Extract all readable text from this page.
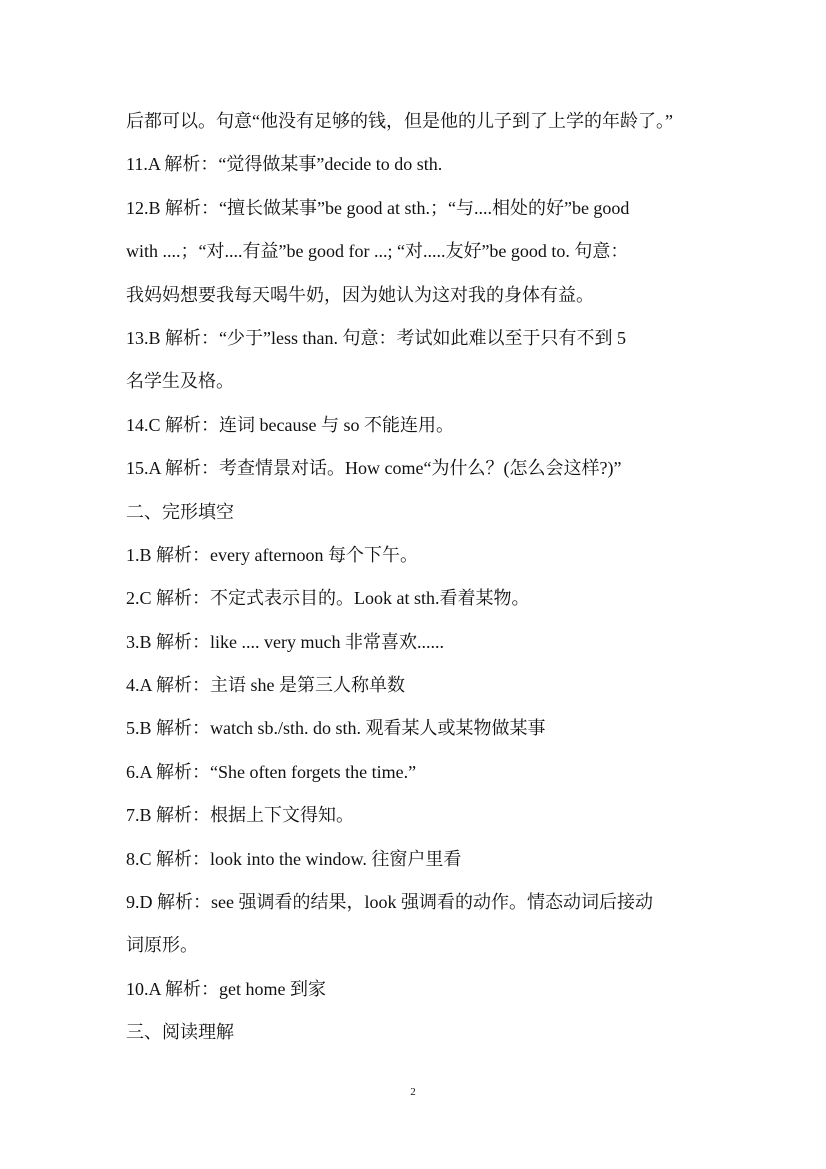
后都可以。句意“他没有足够的钱，但是他的儿子到了上学的年龄了。”
11.A 解析：“觉得做某事”decide to do sth.
12.B 解析：“擅长做某事”be good at sth.；“与....相处的好”be good
with ....；“对....有益”be good for ...; “对.....友好”be good to. 句意：
我妈妈想要我每天喝牛奶，因为她认为这对我的身体有益。
13.B 解析：“少于”less than. 句意：考试如此难以至于只有不到 5
名学生及格。
14.C 解析：连词 because 与 so 不能连用。
15.A 解析：考查情景对话。How come“为什么？(怎么会这样?)”
二、完形填空
1.B 解析：every afternoon 每个下午。
2.C 解析：不定式表示目的。Look at sth.看着某物。
3.B 解析：like .... very much 非常喜欢......
4.A 解析：主语 she 是第三人称单数
5.B 解析：watch sb./sth. do sth. 观看某人或某物做某事
6.A 解析：“She often forgets the time.”
7.B 解析：根据上下文得知。
8.C 解析：look into the window. 往窗户里看
9.D 解析：see 强调看的结果，look 强调看的动作。情态动词后接动
词原形。
10.A 解析：get home 到家
三、阅读理解
2
